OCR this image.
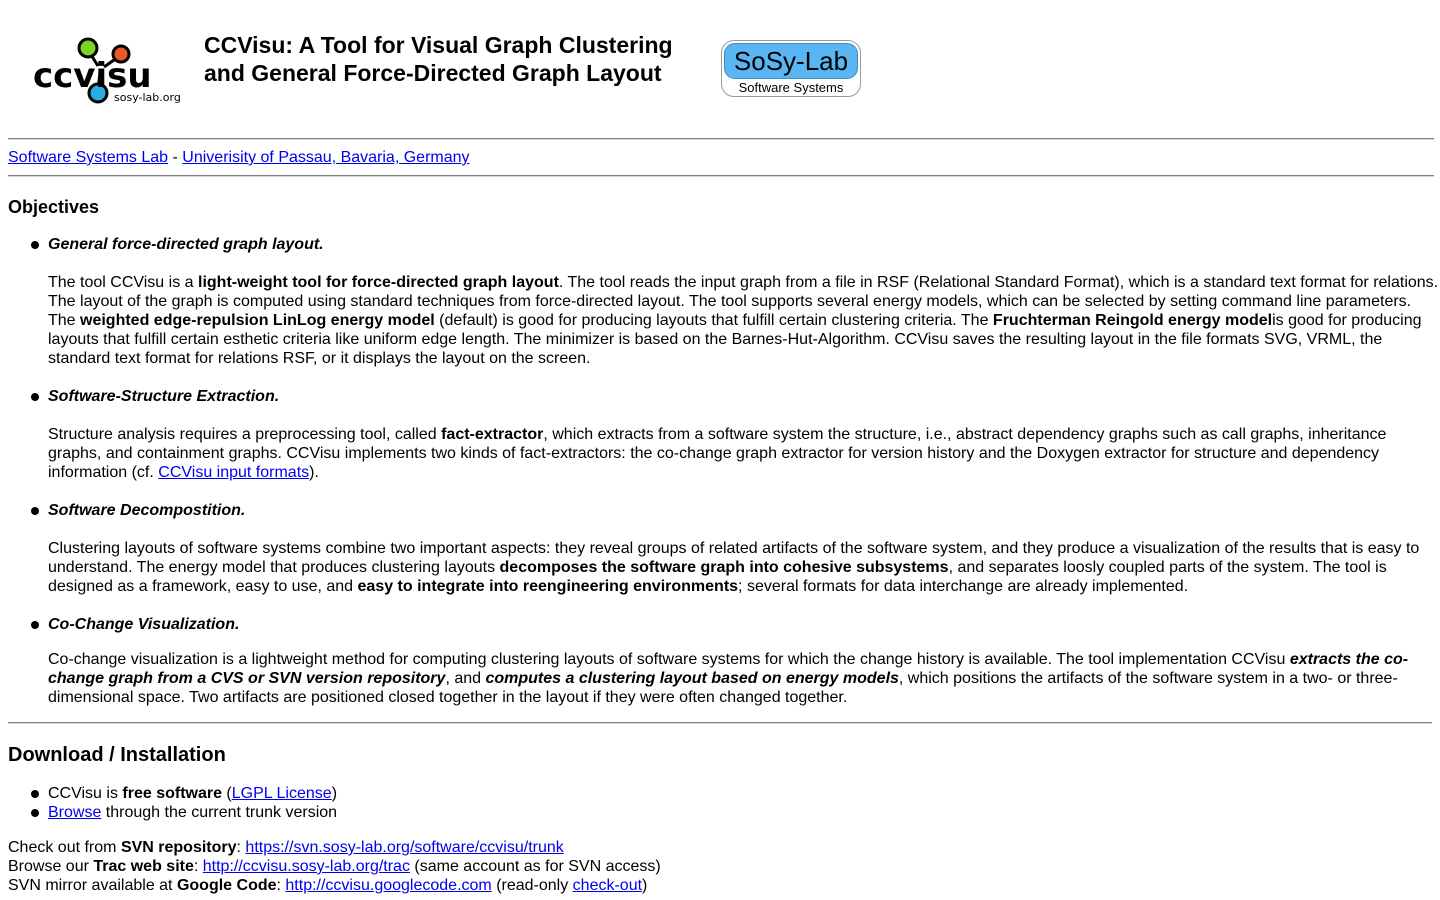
ccvisu
sosy-lab.org
CCVisu: A Tool for Visual Graph Clustering
and General Force-Directed Graph Layout	SoSy-Lab
Software Systems
Software Systems Lab - Univerisity of Passau, Bavaria, Germany
Objectives
General force-directed graph layout.
The tool CCVisu is a light-weight tool for force-directed graph layout. The tool reads the input graph from a file in RSF (Relational Standard Format), which is a standard text format for relations. The layout of the graph is computed using standard techniques from force-directed layout. The tool supports several energy models, which can be selected by setting command line parameters. The weighted edge-repulsion LinLog energy model (default) is good for producing layouts that fulfill certain clustering criteria. The Fruchterman Reingold energy modelis good for producing layouts that fulfill certain esthetic criteria like uniform edge length. The minimizer is based on the Barnes-Hut-Algorithm. CCVisu saves the resulting layout in the file formats SVG, VRML, the standard text format for relations RSF, or it displays the layout on the screen.
Software-Structure Extraction.
Structure analysis requires a preprocessing tool, called fact-extractor, which extracts from a software system the structure, i.e., abstract dependency graphs such as call graphs, inheritance graphs, and containment graphs. CCVisu implements two kinds of fact-extractors: the co-change graph extractor for version history and the Doxygen extractor for structure and dependency information (cf. CCVisu input formats).
Software Decompostition.
Clustering layouts of software systems combine two important aspects: they reveal groups of related artifacts of the software system, and they produce a visualization of the results that is easy to understand. The energy model that produces clustering layouts decomposes the software graph into cohesive subsystems, and separates loosly coupled parts of the system. The tool is designed as a framework, easy to use, and easy to integrate into reengineering environments; several formats for data interchange are already implemented.
Co-Change Visualization.
Co-change visualization is a lightweight method for computing clustering layouts of software systems for which the change history is available. The tool implementation CCVisu extracts the co-change graph from a CVS or SVN version repository, and computes a clustering layout based on energy models, which positions the artifacts of the software system in a two- or three-dimensional space. Two artifacts are positioned closed together in the layout if they were often changed together.
Download / Installation
CCVisu is free software (LGPL License)
Browse through the current trunk version
Check out from SVN repository: https://svn.sosy-lab.org/software/ccvisu/trunk
Browse our Trac web site: http://ccvisu.sosy-lab.org/trac (same account as for SVN access)
SVN mirror available at Google Code: http://ccvisu.googlecode.com (read-only check-out)
